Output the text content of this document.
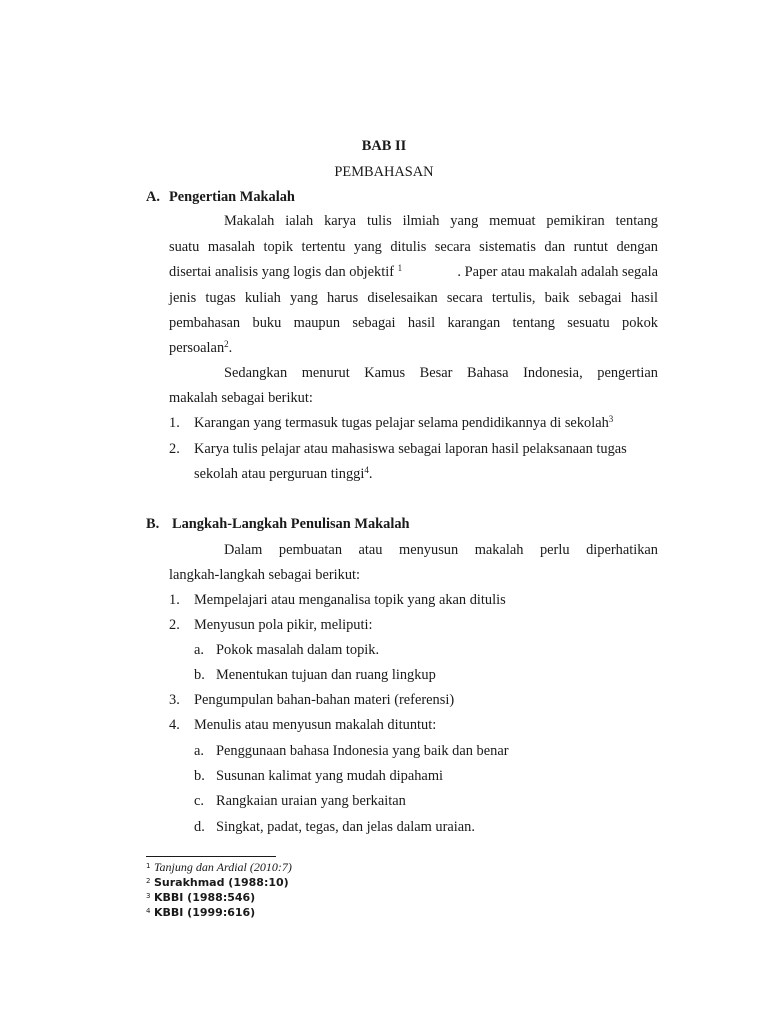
BAB II
PEMBAHASAN
A. Pengertian Makalah
Makalah ialah karya tulis ilmiah yang memuat pemikiran tentang
suatu masalah topik tertentu yang ditulis secara sistematis dan runtut dengan
disertai analisis yang logis dan objektif $^1$	. Paper atau makalah adalah segala
jenis tugas kuliah yang harus diselesaikan secara tertulis, baik sebagai hasil
pembahasan buku maupun sebagai hasil karangan tentang sesuatu pokok
persoalan$^2$.
Sedangkan menurut Kamus Besar Bahasa Indonesia, pengertian
makalah sebagai berikut:
1. Karangan yang termasuk tugas pelajar selama pendidikannya di sekolah$^3$
2. Karya tulis pelajar atau mahasiswa sebagai laporan hasil pelaksanaan tugas
sekolah atau perguruan tinggi$^4$.
B. Langkah-Langkah Penulisan Makalah
Dalam pembuatan atau menyusun makalah perlu diperhatikan
langkah-langkah sebagai berikut:
1. Mempelajari atau menganalisa topik yang akan ditulis
2. Menyusun pola pikir, meliputi:
a. Pokok masalah dalam topik.
b. Menentukan tujuan dan ruang lingkup
3. Pengumpulan bahan-bahan materi (referensi)
4. Menulis atau menyusun makalah dituntut:
a. Penggunaan bahasa Indonesia yang baik dan benar
b. Susunan kalimat yang mudah dipahami
c. Rangkaian uraian yang berkaitan
d. Singkat, padat, tegas, dan jelas dalam uraian.
$^1$ Tanjung dan Ardial (2010:7)
$^2$ Surakhmad (1988:10)
$^3$ KBBI (1988:546)
$^4$ KBBI (1999:616)
